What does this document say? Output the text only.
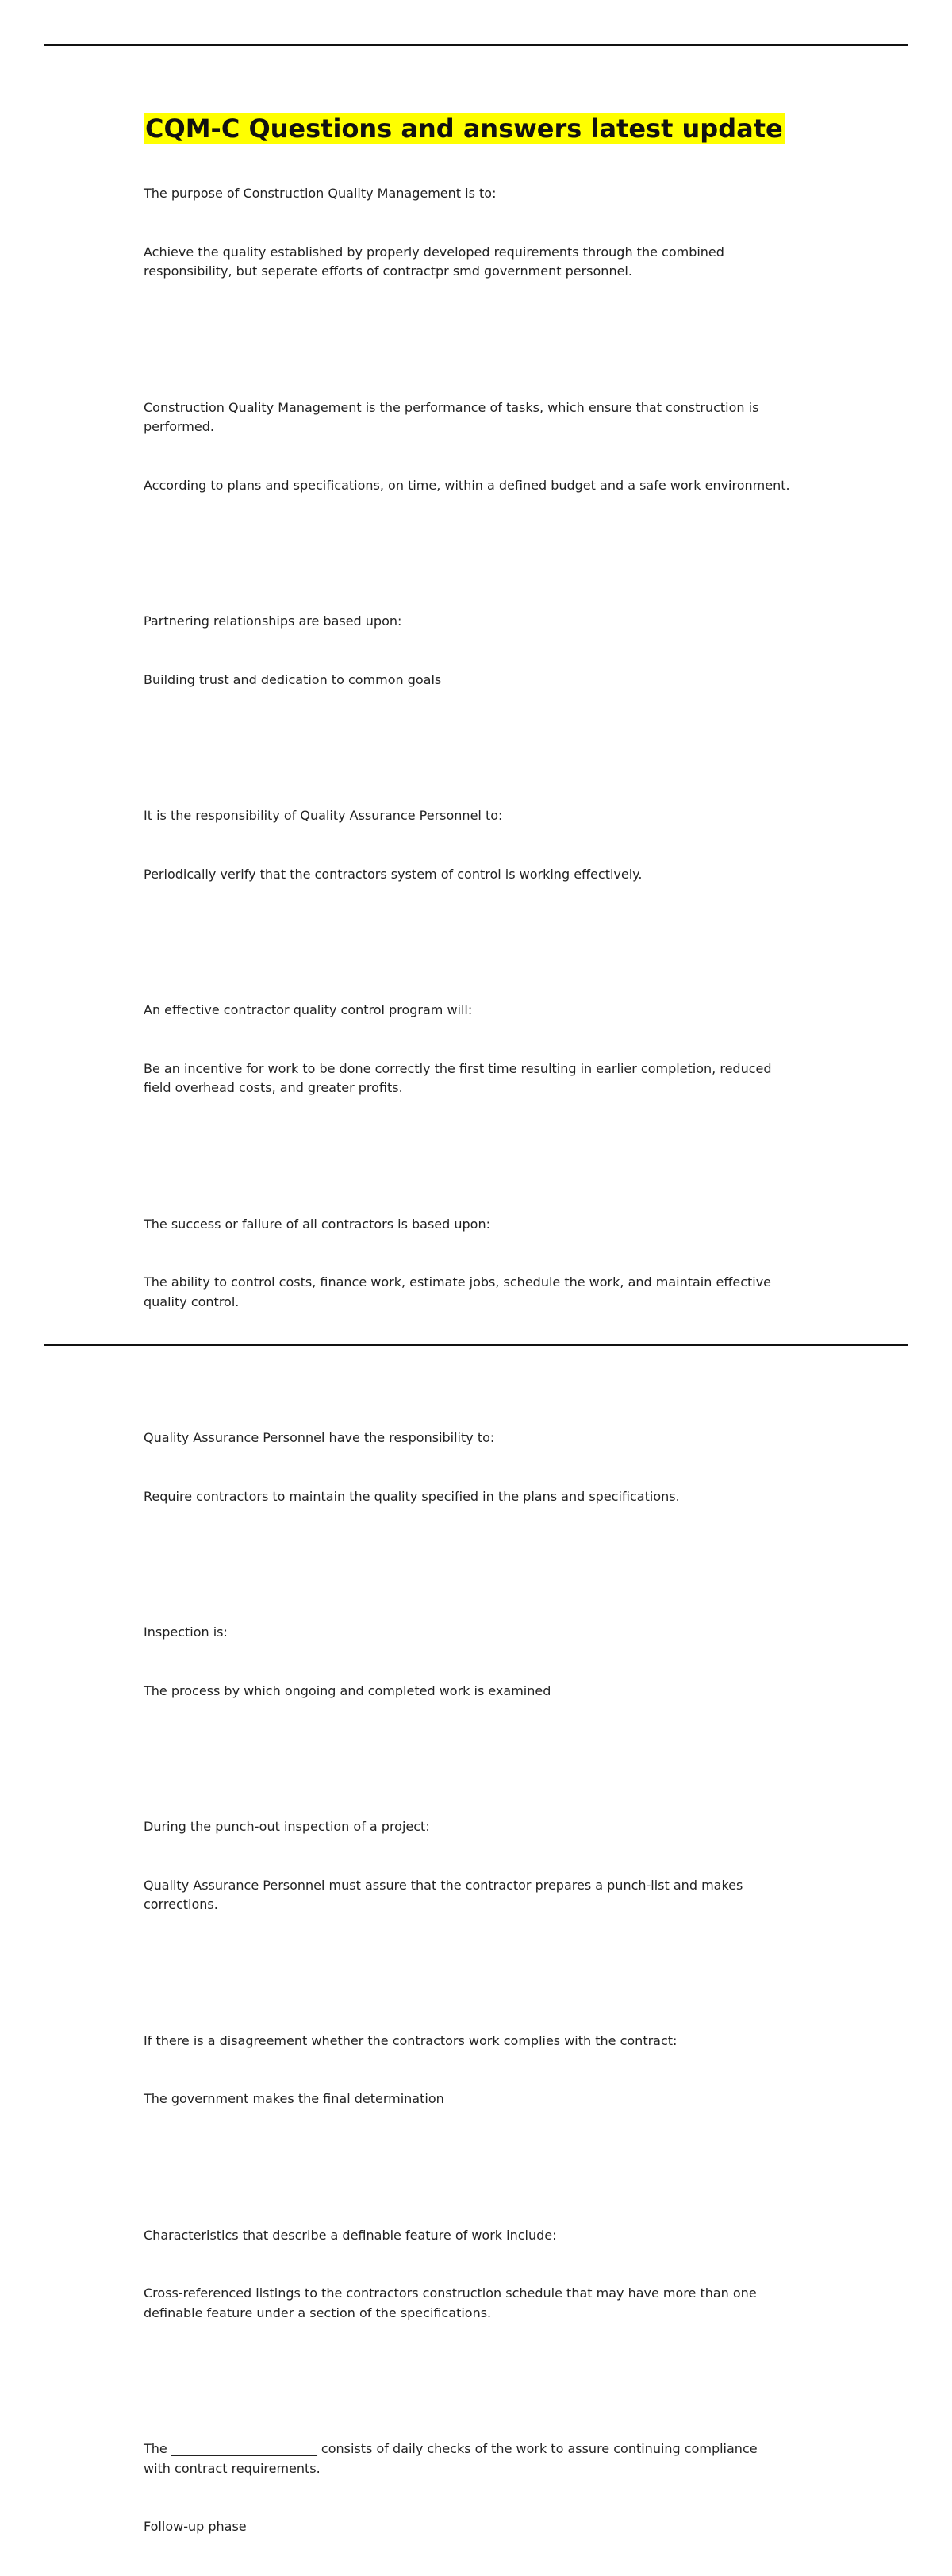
CQM-C Questions and answers latest update

The purpose of Construction Quality Management is to:

Achieve the quality established by properly developed requirements through the combined
responsibility, but seperate efforts of contractpr smd government personnel.

Construction Quality Management is the performance of tasks, which ensure that construction is
performed.

According to plans and specifications, on time, within a defined budget and a safe work environment.

Partnering relationships are based upon:

Building trust and dedication to common goals

It is the responsibility of Quality Assurance Personnel to:

Periodically verify that the contractors system of control is working effectively.

An effective contractor quality control program will:

Be an incentive for work to be done correctly the first time resulting in earlier completion, reduced
field overhead costs, and greater profits.

The success or failure of all contractors is based upon:

The ability to control costs, finance work, estimate jobs, schedule the work, and maintain effective
quality control.

Quality Assurance Personnel have the responsibility to:

Require contractors to maintain the quality specified in the plans and specifications.

Inspection is:

The process by which ongoing and completed work is examined

During the punch-out inspection of a project:

Quality Assurance Personnel must assure that the contractor prepares a punch-list and makes
corrections.

If there is a disagreement whether the contractors work complies with the contract:

The government makes the final determination

Characteristics that describe a definable feature of work include:

Cross-referenced listings to the contractors construction schedule that may have more than one
definable feature under a section of the specifications.

The _______________________ consists of daily checks of the work to assure continuing compliance
with contract requirements.

Follow-up phase
